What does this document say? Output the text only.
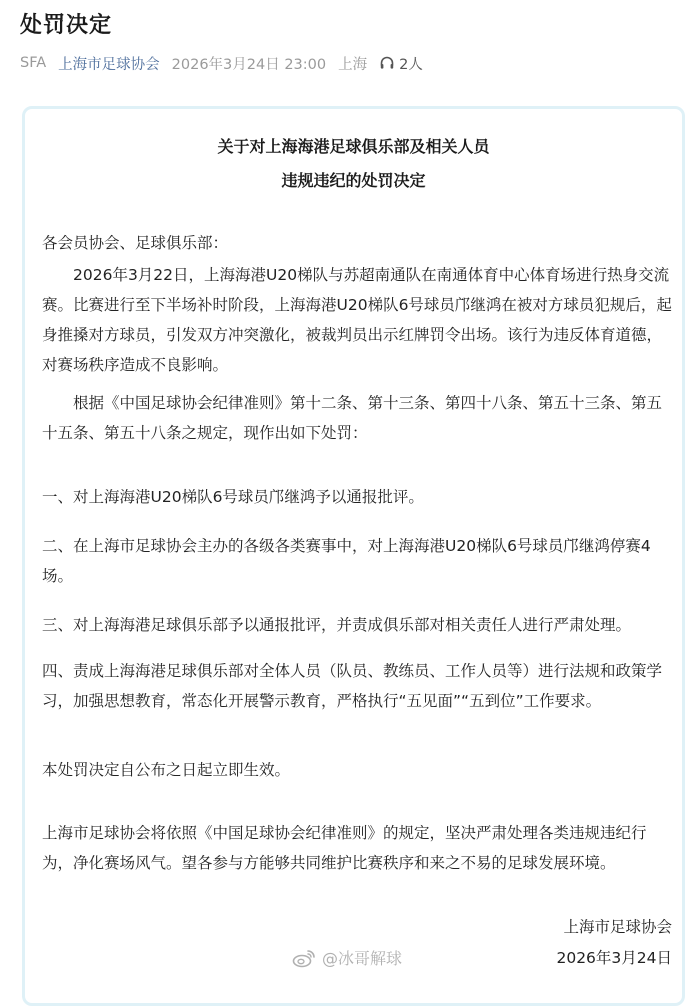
处罚决定
SFA 上海市足球协会 2026年3月24日 23:00 上海 2人
关于对上海海港足球俱乐部及相关人员
违规违纪的处罚决定
各会员协会、足球俱乐部：
2026年3月22日，上海海港U20梯队与苏超南通队在南通体育中心体育场进行热身交流赛。比赛进行至下半场补时阶段，上海海港U20梯队6号球员邝继鸿在被对方球员犯规后，起身推搡对方球员，引发双方冲突激化，被裁判员出示红牌罚令出场。该行为违反体育道德，对赛场秩序造成不良影响。
根据《中国足球协会纪律准则》第十二条、第十三条、第四十八条、第五十三条、第五十五条、第五十八条之规定，现作出如下处罚：
一、对上海海港U20梯队6号球员邝继鸿予以通报批评。
二、在上海市足球协会主办的各级各类赛事中，对上海海港U20梯队6号球员邝继鸿停赛4场。
三、对上海海港足球俱乐部予以通报批评，并责成俱乐部对相关责任人进行严肃处理。
四、责成上海海港足球俱乐部对全体人员（队员、教练员、工作人员等）进行法规和政策学习，加强思想教育，常态化开展警示教育，严格执行“五见面”“五到位”工作要求。
本处罚决定自公布之日起立即生效。
上海市足球协会将依照《中国足球协会纪律准则》的规定，坚决严肃处理各类违规违纪行为，净化赛场风气。望各参与方能够共同维护比赛秩序和来之不易的足球发展环境。
上海市足球协会
2026年3月24日
@冰哥解球
